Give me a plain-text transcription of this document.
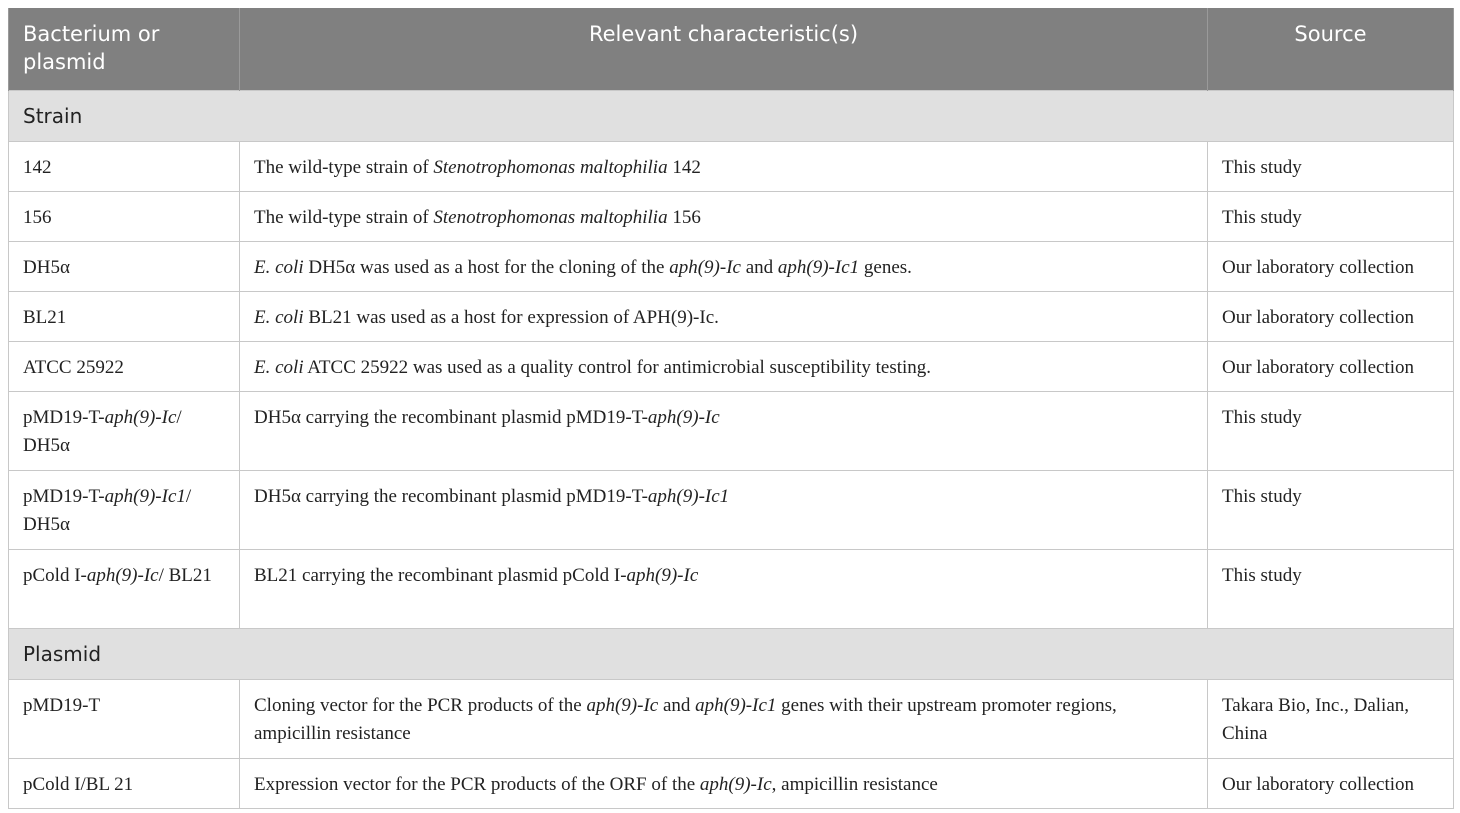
Bacterium or plasmid	Relevant characteristic(s)	Source
Strain		
142	The wild-type strain of Stenotrophomonas maltophilia 142	This study
156	The wild-type strain of Stenotrophomonas maltophilia 156	This study
DH5α	E. coli DH5α was used as a host for the cloning of the aph(9)-Ic and aph(9)-Ic1 genes.	Our laboratory collection
BL21	E. coli BL21 was used as a host for expression of APH(9)-Ic.	Our laboratory collection
ATCC 25922	E. coli ATCC 25922 was used as a quality control for antimicrobial susceptibility testing.	Our laboratory collection
pMD19-T-aph(9)-Ic/ DH5α	DH5α carrying the recombinant plasmid pMD19-T-aph(9)-Ic	This study
pMD19-T-aph(9)-Ic1/ DH5α	DH5α carrying the recombinant plasmid pMD19-T-aph(9)-Ic1	This study
pCold I-aph(9)-Ic/ BL21	BL21 carrying the recombinant plasmid pCold I-aph(9)-Ic	This study
Plasmid		
pMD19-T	Cloning vector for the PCR products of the aph(9)-Ic and aph(9)-Ic1 genes with their upstream promoter regions, ampicillin resistance	Takara Bio, Inc., Dalian, China
pCold I/BL 21	Expression vector for the PCR products of the ORF of the aph(9)-Ic, ampicillin resistance	Our laboratory collection
